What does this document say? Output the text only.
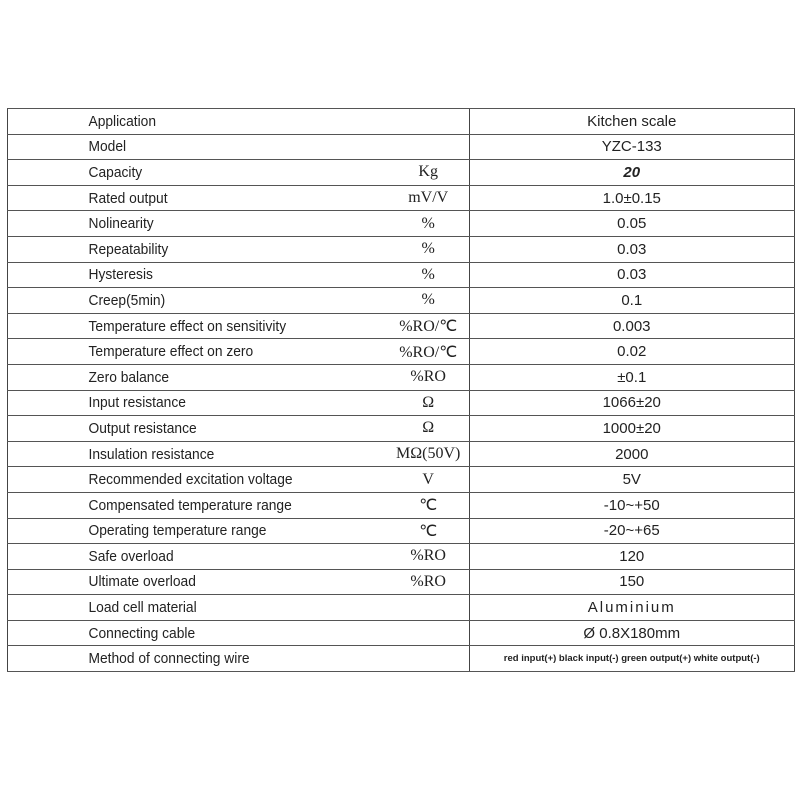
Application		Kitchen scale
Model		YZC-133
Capacity	Kg	20
Rated output	mV/V	1.0±0.15
Nolinearity	%	0.05
Repeatability	%	0.03
Hysteresis	%	0.03
Creep(5min)	%	0.1
Temperature effect on sensitivity	%RO/℃	0.003
Temperature effect on zero	%RO/℃	0.02
Zero balance	%RO	±0.1
Input resistance	Ω	1066±20
Output resistance	Ω	1000±20
Insulation resistance	MΩ(50V)	2000
Recommended excitation voltage	V	5V
Compensated temperature range	℃	-10~+50
Operating temperature range	℃	-20~+65
Safe overload	%RO	120
Ultimate overload	%RO	150
Load cell material		Aluminium
Connecting cable		Ø 0.8X180mm
Method of connecting wire		red input(+) black input(-) green output(+) white output(-)
